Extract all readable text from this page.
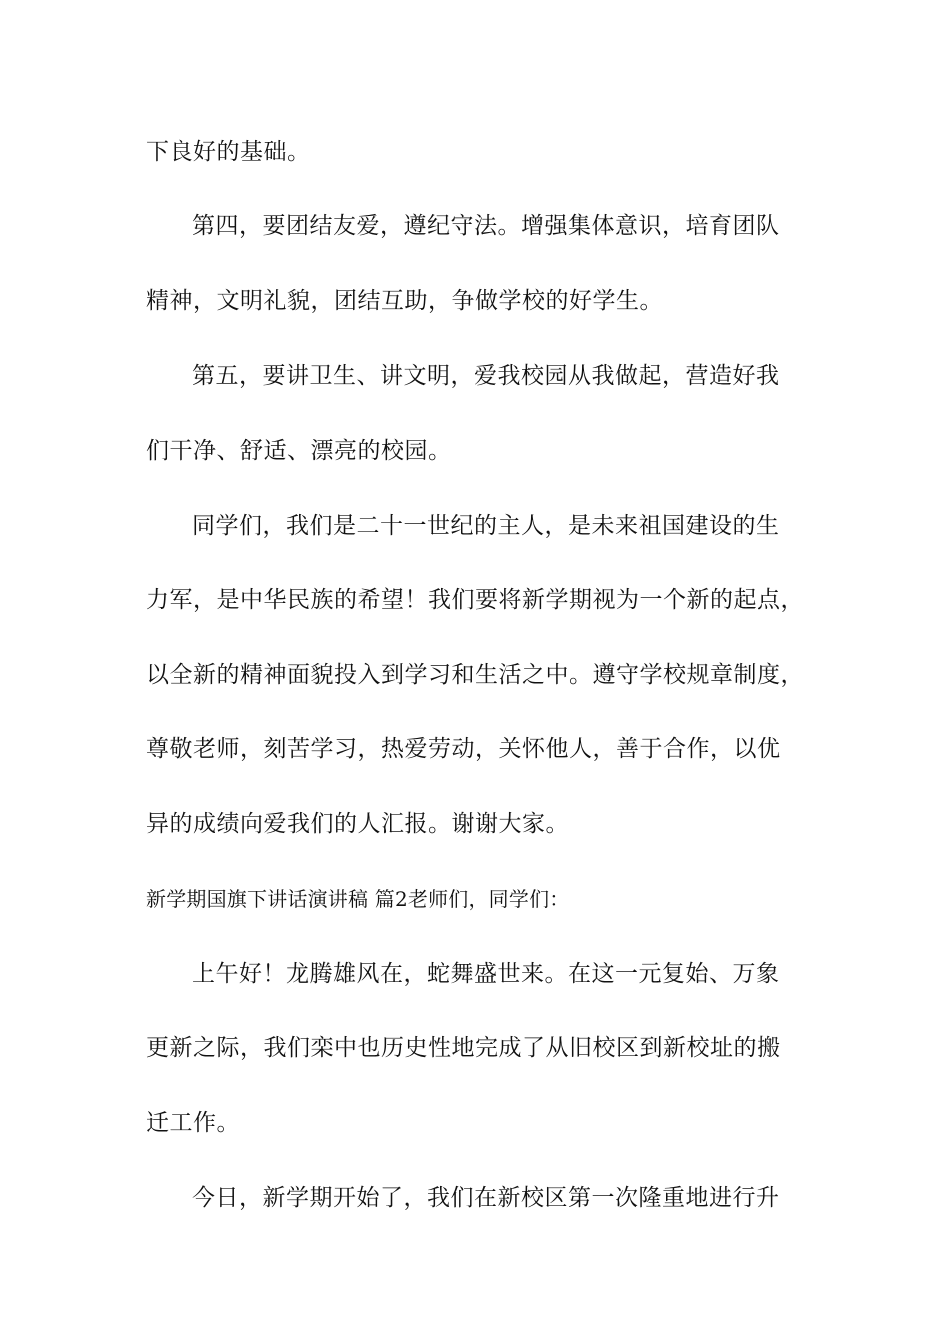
下良好的基础。
第四，要团结友爱，遵纪守法。增强集体意识，培育团队
精神，文明礼貌，团结互助，争做学校的好学生。
第五，要讲卫生、讲文明，爱我校园从我做起，营造好我
们干净、舒适、漂亮的校园。
同学们，我们是二十一世纪的主人，是未来祖国建设的生
力军，是中华民族的希望！我们要将新学期视为一个新的起点，
以全新的精神面貌投入到学习和生活之中。遵守学校规章制度，
尊敬老师，刻苦学习，热爱劳动，关怀他人，善于合作，以优
异的成绩向爱我们的人汇报。谢谢大家。
新学期国旗下讲话演讲稿 篇2老师们，同学们：
上午好！龙腾雄风在，蛇舞盛世来。在这一元复始、万象
更新之际，我们栾中也历史性地完成了从旧校区到新校址的搬
迁工作。
今日，新学期开始了，我们在新校区第一次隆重地进行升
